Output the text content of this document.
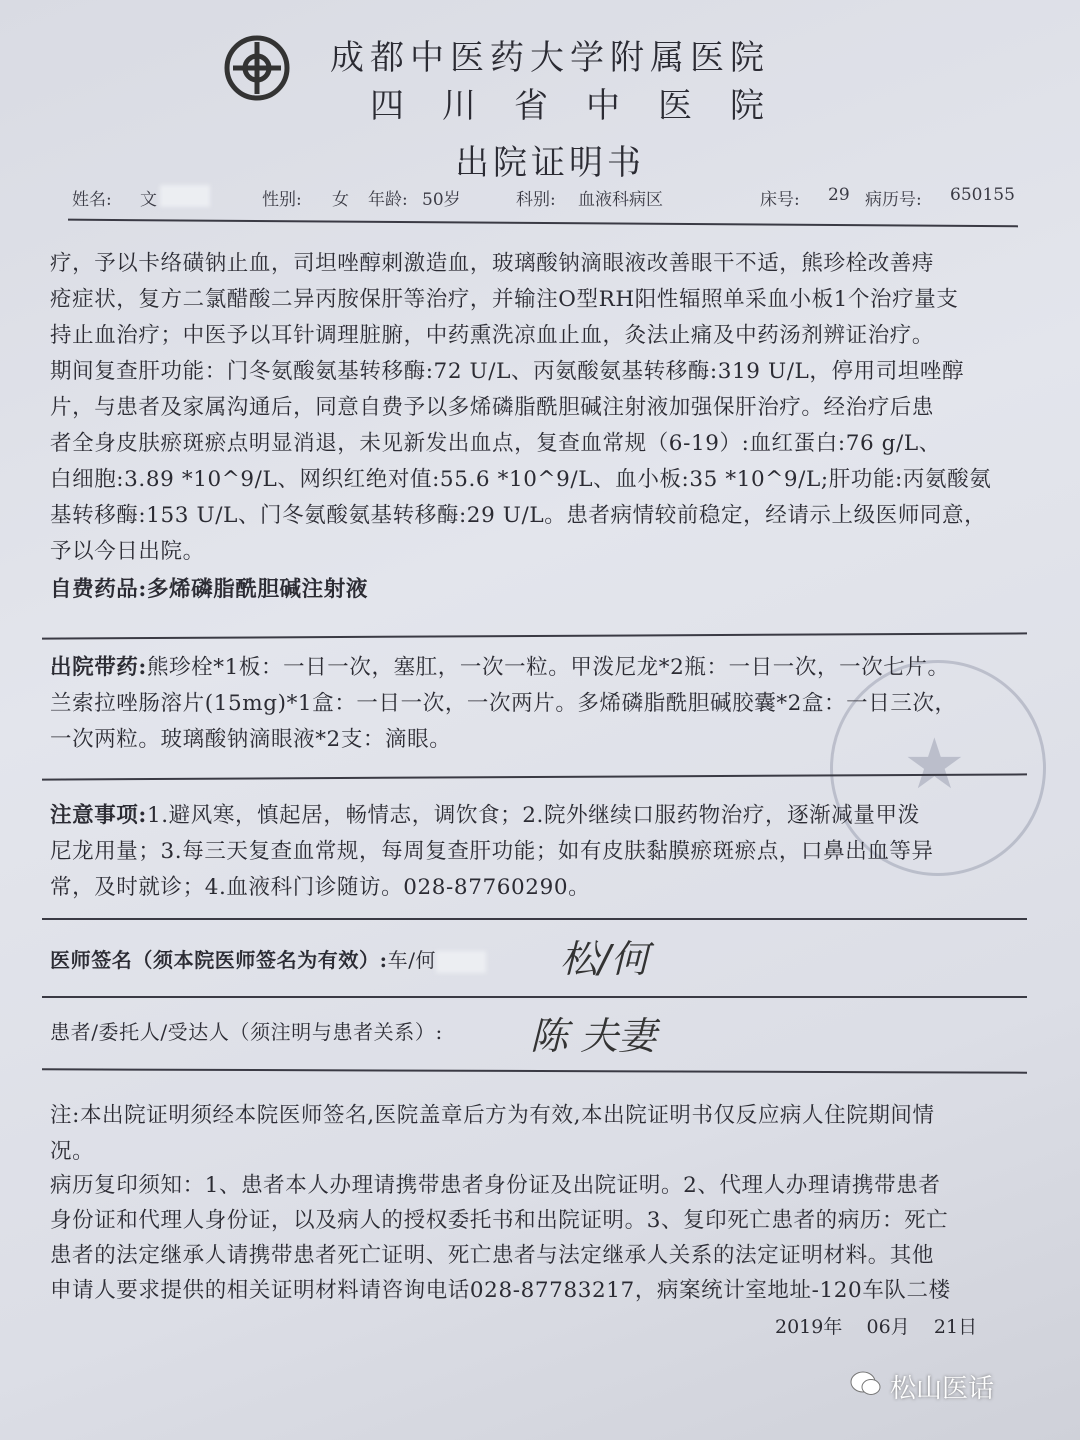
成都中医药大学附属医院
四川省中医院
出院证明书
姓名: 文	性别: 女 年龄: 50岁	科别: 血液科病区	床号: 29 病历号: 650155
疗，予以卡络磺钠止血，司坦唑醇刺激造血，玻璃酸钠滴眼液改善眼干不适，熊珍栓改善痔
疮症状，复方二氯醋酸二异丙胺保肝等治疗，并输注O型RH阳性辐照单采血小板1个治疗量支
持止血治疗；中医予以耳针调理脏腑，中药熏洗凉血止血，灸法止痛及中药汤剂辨证治疗。
期间复查肝功能：门冬氨酸氨基转移酶:72 U/L、丙氨酸氨基转移酶:319 U/L，停用司坦唑醇
片，与患者及家属沟通后，同意自费予以多烯磷脂酰胆碱注射液加强保肝治疗。经治疗后患
者全身皮肤瘀斑瘀点明显消退，未见新发出血点，复查血常规（6-19）:血红蛋白:76 g/L、
白细胞:3.89 *10^9/L、网织红绝对值:55.6 *10^9/L、血小板:35 *10^9/L;肝功能:丙氨酸氨
基转移酶:153 U/L、门冬氨酸氨基转移酶:29 U/L。患者病情较前稳定，经请示上级医师同意，
予以今日出院。
自费药品:多烯磷脂酰胆碱注射液
★
出院带药:熊珍栓*1板：一日一次，塞肛，一次一粒。甲泼尼龙*2瓶：一日一次，一次七片。
兰索拉唑肠溶片(15mg)*1盒：一日一次，一次两片。多烯磷脂酰胆碱胶囊*2盒：一日三次，
一次两粒。玻璃酸钠滴眼液*2支：滴眼。
注意事项:1.避风寒，慎起居，畅情志，调饮食；2.院外继续口服药物治疗，逐渐减量甲泼
尼龙用量；3.每三天复查血常规，每周复查肝功能；如有皮肤黏膜瘀斑瘀点，口鼻出血等异
常，及时就诊；4.血液科门诊随访。028-87760290。
医师签名（须本院医师签名为有效）:车/何	松/何
患者/委托人/受达人（须注明与患者关系）: 陈 夫妻
注:本出院证明须经本院医师签名,医院盖章后方为有效,本出院证明书仅反应病人住院期间情
况。
病历复印须知：1、患者本人办理请携带患者身份证及出院证明。2、代理人办理请携带患者
身份证和代理人身份证，以及病人的授权委托书和出院证明。3、复印死亡患者的病历：死亡
患者的法定继承人请携带患者死亡证明、死亡患者与法定继承人关系的法定证明材料。其他
申请人要求提供的相关证明材料请咨询电话028-87783217，病案统计室地址-120车队二楼
2019年 06月 21日
松山医话
